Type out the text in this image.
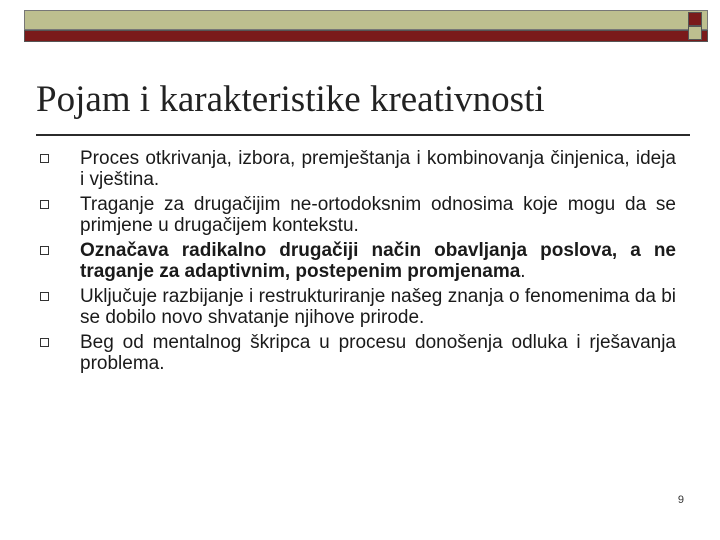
Pojam i karakteristike kreativnosti
Proces otkrivanja, izbora, premještanja i kombinovanja činjenica, ideja i vještina.
Traganje za drugačijim ne-ortodoksnim odnosima koje mogu da se primjene u drugačijem kontekstu.
Označava radikalno drugačiji način obavljanja poslova, a ne traganje za adaptivnim, postepenim promjenama.
Uključuje razbijanje i restrukturiranje našeg znanja o fenomenima da bi se dobilo novo shvatanje njihove prirode.
Beg od mentalnog škripca u procesu donošenja odluka i rješavanja problema.
9
